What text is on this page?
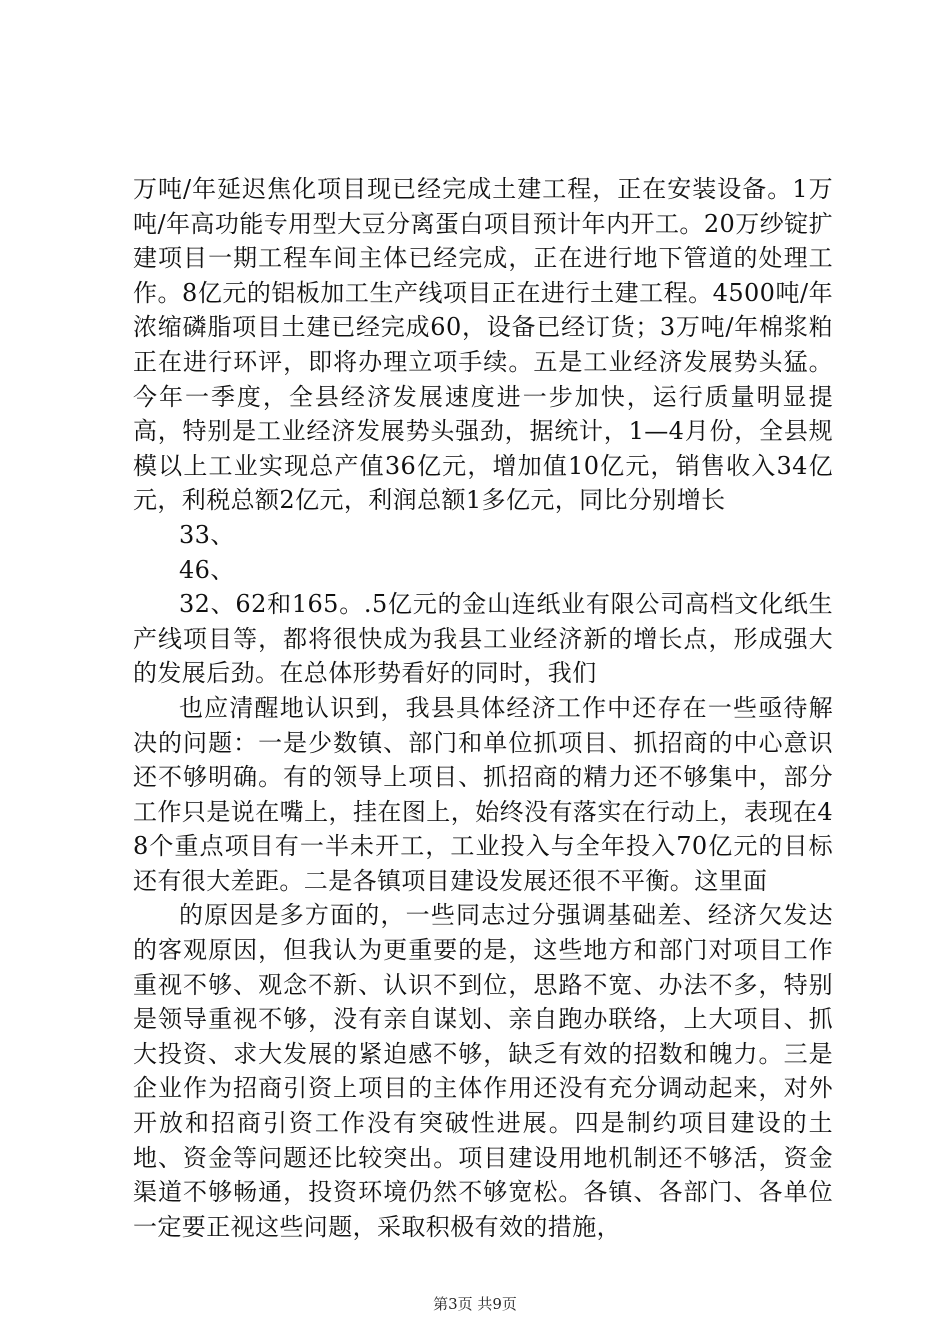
万吨/年延迟焦化项目现已经完成土建工程，正在安装设备。1万吨/年高功能专用型大豆分离蛋白项目预计年内开工。20万纱锭扩建项目一期工程车间主体已经完成，正在进行地下管道的处理工作。8亿元的铝板加工生产线项目正在进行土建工程。4500吨/年浓缩磷脂项目土建已经完成60，设备已经订货；3万吨/年棉浆粕正在进行环评，即将办理立项手续。五是工业经济发展势头猛。今年一季度，全县经济发展速度进一步加快，运行质量明显提高，特别是工业经济发展势头强劲，据统计，1—4月份，全县规模以上工业实现总产值36亿元，增加值10亿元，销售收入34亿元，利税总额2亿元，利润总额1多亿元，同比分别增长

33、

46、

32、62和165。.5亿元的金山连纸业有限公司高档文化纸生产线项目等，都将很快成为我县工业经济新的增长点，形成强大的发展后劲。在总体形势看好的同时，我们

也应清醒地认识到，我县具体经济工作中还存在一些亟待解决的问题：一是少数镇、部门和单位抓项目、抓招商的中心意识还不够明确。有的领导上项目、抓招商的精力还不够集中，部分工作只是说在嘴上，挂在图上，始终没有落实在行动上，表现在48个重点项目有一半未开工，工业投入与全年投入70亿元的目标还有很大差距。二是各镇项目建设发展还很不平衡。这里面

的原因是多方面的，一些同志过分强调基础差、经济欠发达的客观原因，但我认为更重要的是，这些地方和部门对项目工作重视不够、观念不新、认识不到位，思路不宽、办法不多，特别是领导重视不够，没有亲自谋划、亲自跑办联络，上大项目、抓大投资、求大发展的紧迫感不够，缺乏有效的招数和魄力。三是企业作为招商引资上项目的主体作用还没有充分调动起来，对外开放和招商引资工作没有突破性进展。四是制约项目建设的土地、资金等问题还比较突出。项目建设用地机制还不够活，资金渠道不够畅通，投资环境仍然不够宽松。各镇、各部门、各单位一定要正视这些问题，采取积极有效的措施，

第3页 共9页
